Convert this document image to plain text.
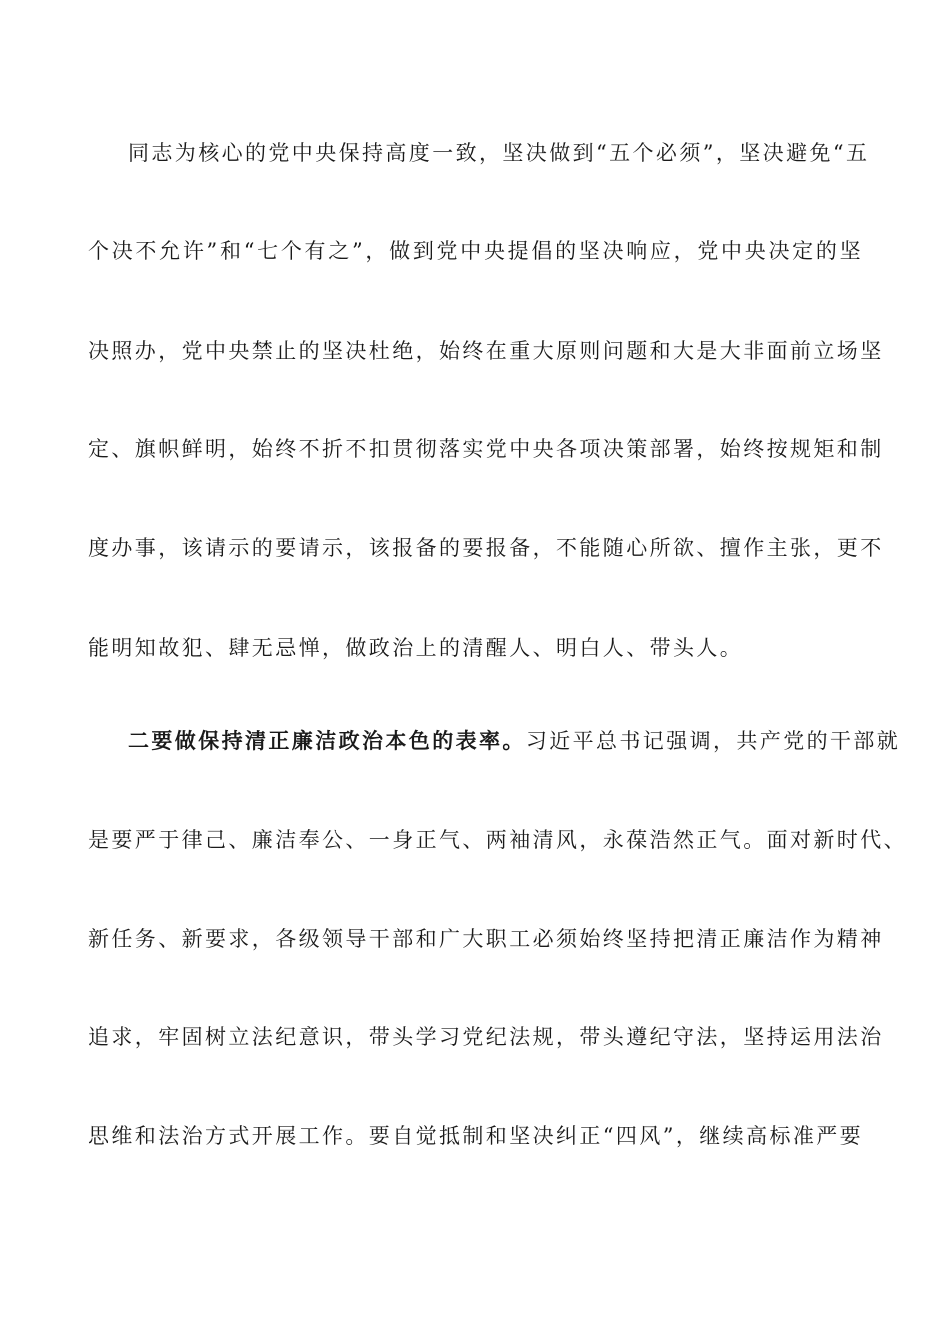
同志为核心的党中央保持高度一致，坚决做到“五个必须”，坚决避免“五
个决不允许”和“七个有之”，做到党中央提倡的坚决响应，党中央决定的坚
决照办，党中央禁止的坚决杜绝，始终在重大原则问题和大是大非面前立场坚
定、旗帜鲜明，始终不折不扣贯彻落实党中央各项决策部署，始终按规矩和制
度办事，该请示的要请示，该报备的要报备，不能随心所欲、擅作主张，更不
能明知故犯、肆无忌惮，做政治上的清醒人、明白人、带头人。
二要做保持清正廉洁政治本色的表率。习近平总书记强调，共产党的干部就
是要严于律己、廉洁奉公、一身正气、两袖清风，永葆浩然正气。面对新时代、
新任务、新要求，各级领导干部和广大职工必须始终坚持把清正廉洁作为精神
追求，牢固树立法纪意识，带头学习党纪法规，带头遵纪守法，坚持运用法治
思维和法治方式开展工作。要自觉抵制和坚决纠正“四风”，继续高标准严要
